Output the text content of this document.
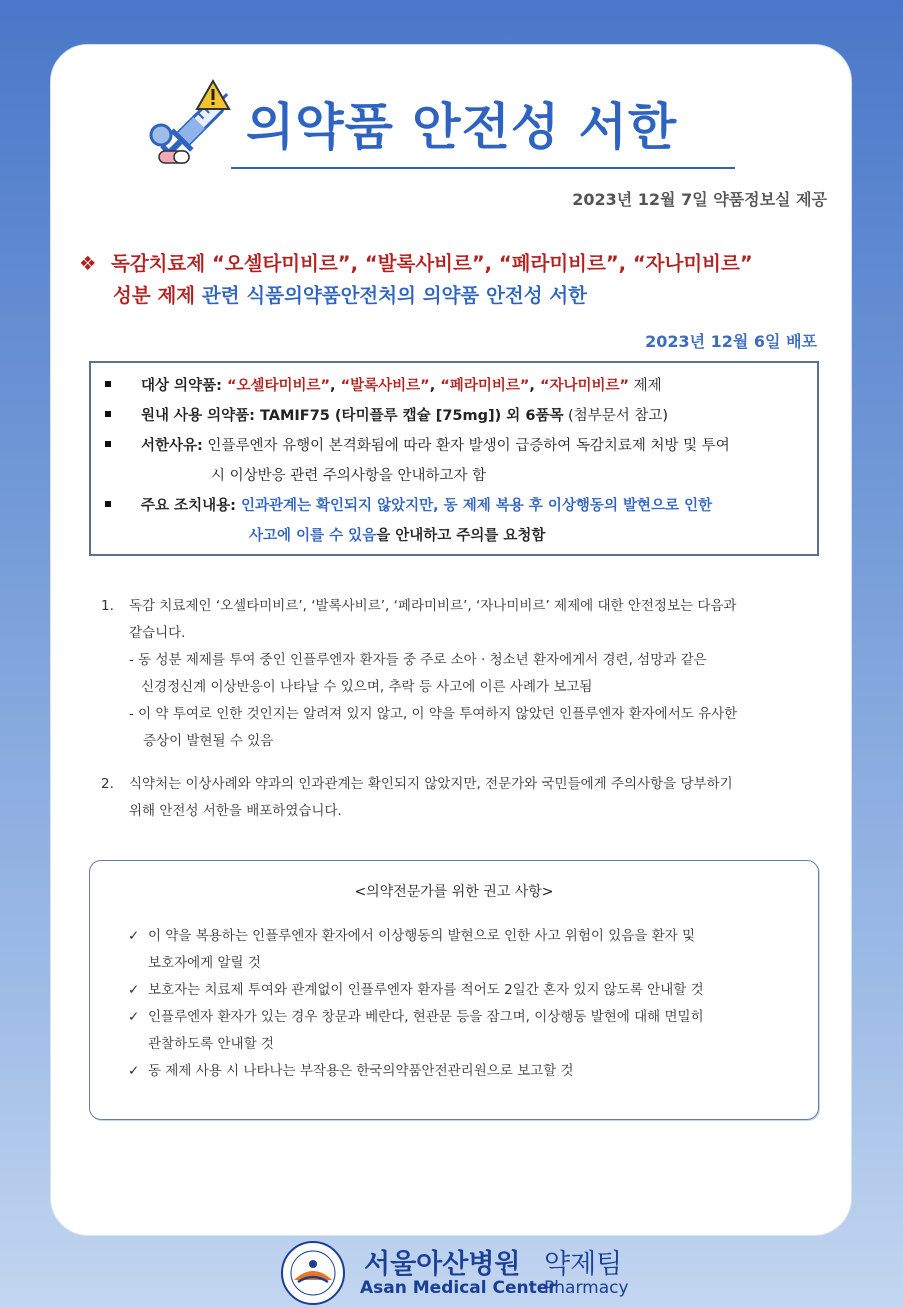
의약품 안전성 서한
2023년 12월 7일 약품정보실 제공
❖ 독감치료제 “오셀타미비르”, “발록사비르”, “페라미비르”, “자나미비르”
성분 제제 관련 식품의약품안전처의 의약품 안전성 서한
2023년 12월 6일 배포
대상 의약품: “오셀타미비르”, “발록사비르”, “페라미비르”, “자나미비르” 제제
원내 사용 의약품: TAMIF75 (타미플루 캡슐 [75mg]) 외 6품목 (첨부문서 참고)
서한사유: 인플루엔자 유행이 본격화됨에 따라 환자 발생이 급증하여 독감치료제 처방 및 투여
시 이상반응 관련 주의사항을 안내하고자 함
주요 조치내용: 인과관계는 확인되지 않았지만, 동 제제 복용 후 이상행동의 발현으로 인한
사고에 이를 수 있음을 안내하고 주의를 요청함
1. 독감 치료제인 ‘오셀타미비르’, ‘발록사비르’, ‘페라미비르’, ‘자나미비르’ 제제에 대한 안전정보는 다음과
같습니다.
- 동 성분 제제를 투여 중인 인플루엔자 환자들 중 주로 소아 · 청소년 환자에게서 경련, 섬망과 같은
신경정신계 이상반응이 나타날 수 있으며, 추락 등 사고에 이른 사례가 보고됨
- 이 약 투여로 인한 것인지는 알려져 있지 않고, 이 약을 투여하지 않았던 인플루엔자 환자에서도 유사한
증상이 발현될 수 있음
2. 식약처는 이상사례와 약과의 인과관계는 확인되지 않았지만, 전문가와 국민들에게 주의사항을 당부하기
위해 안전성 서한을 배포하였습니다.
<의약전문가를 위한 권고 사항>
✓ 이 약을 복용하는 인플루엔자 환자에서 이상행동의 발현으로 인한 사고 위험이 있음을 환자 및
보호자에게 알릴 것
✓ 보호자는 치료제 투여와 관계없이 인플루엔자 환자를 적어도 2일간 혼자 있지 않도록 안내할 것
✓ 인플루엔자 환자가 있는 경우 창문과 베란다, 현관문 등을 잠그며, 이상행동 발현에 대해 면밀히
관찰하도록 안내할 것
✓ 동 제제 사용 시 나타나는 부작용은 한국의약품안전관리원으로 보고할 것
서울아산병원 약제팀
Asan Medical Center
Pharmacy
